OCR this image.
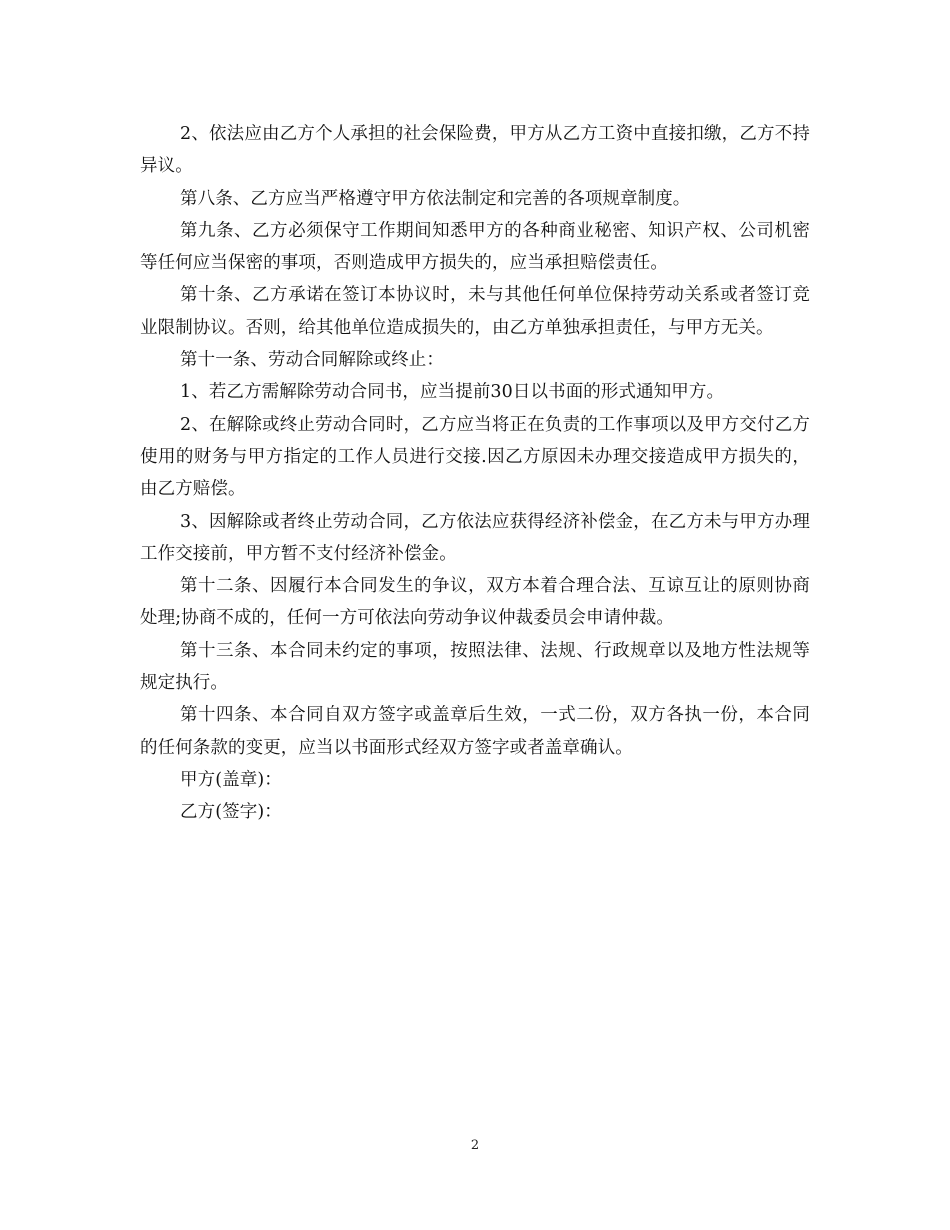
2、依法应由乙方个人承担的社会保险费，甲方从乙方工资中直接扣缴，乙方不持异议。

第八条、乙方应当严格遵守甲方依法制定和完善的各项规章制度。

第九条、乙方必须保守工作期间知悉甲方的各种商业秘密、知识产权、公司机密等任何应当保密的事项，否则造成甲方损失的，应当承担赔偿责任。

第十条、乙方承诺在签订本协议时，未与其他任何单位保持劳动关系或者签订竞业限制协议。否则，给其他单位造成损失的，由乙方单独承担责任，与甲方无关。

第十一条、劳动合同解除或终止：

1、若乙方需解除劳动合同书，应当提前30日以书面的形式通知甲方。

2、在解除或终止劳动合同时，乙方应当将正在负责的工作事项以及甲方交付乙方使用的财务与甲方指定的工作人员进行交接.因乙方原因未办理交接造成甲方损失的，由乙方赔偿。

3、因解除或者终止劳动合同，乙方依法应获得经济补偿金，在乙方未与甲方办理工作交接前，甲方暂不支付经济补偿金。

第十二条、因履行本合同发生的争议，双方本着合理合法、互谅互让的原则协商处理;协商不成的，任何一方可依法向劳动争议仲裁委员会申请仲裁。

第十三条、本合同未约定的事项，按照法律、法规、行政规章以及地方性法规等规定执行。

第十四条、本合同自双方签字或盖章后生效，一式二份，双方各执一份，本合同的任何条款的变更，应当以书面形式经双方签字或者盖章确认。

甲方(盖章)：

乙方(签字)：

2
